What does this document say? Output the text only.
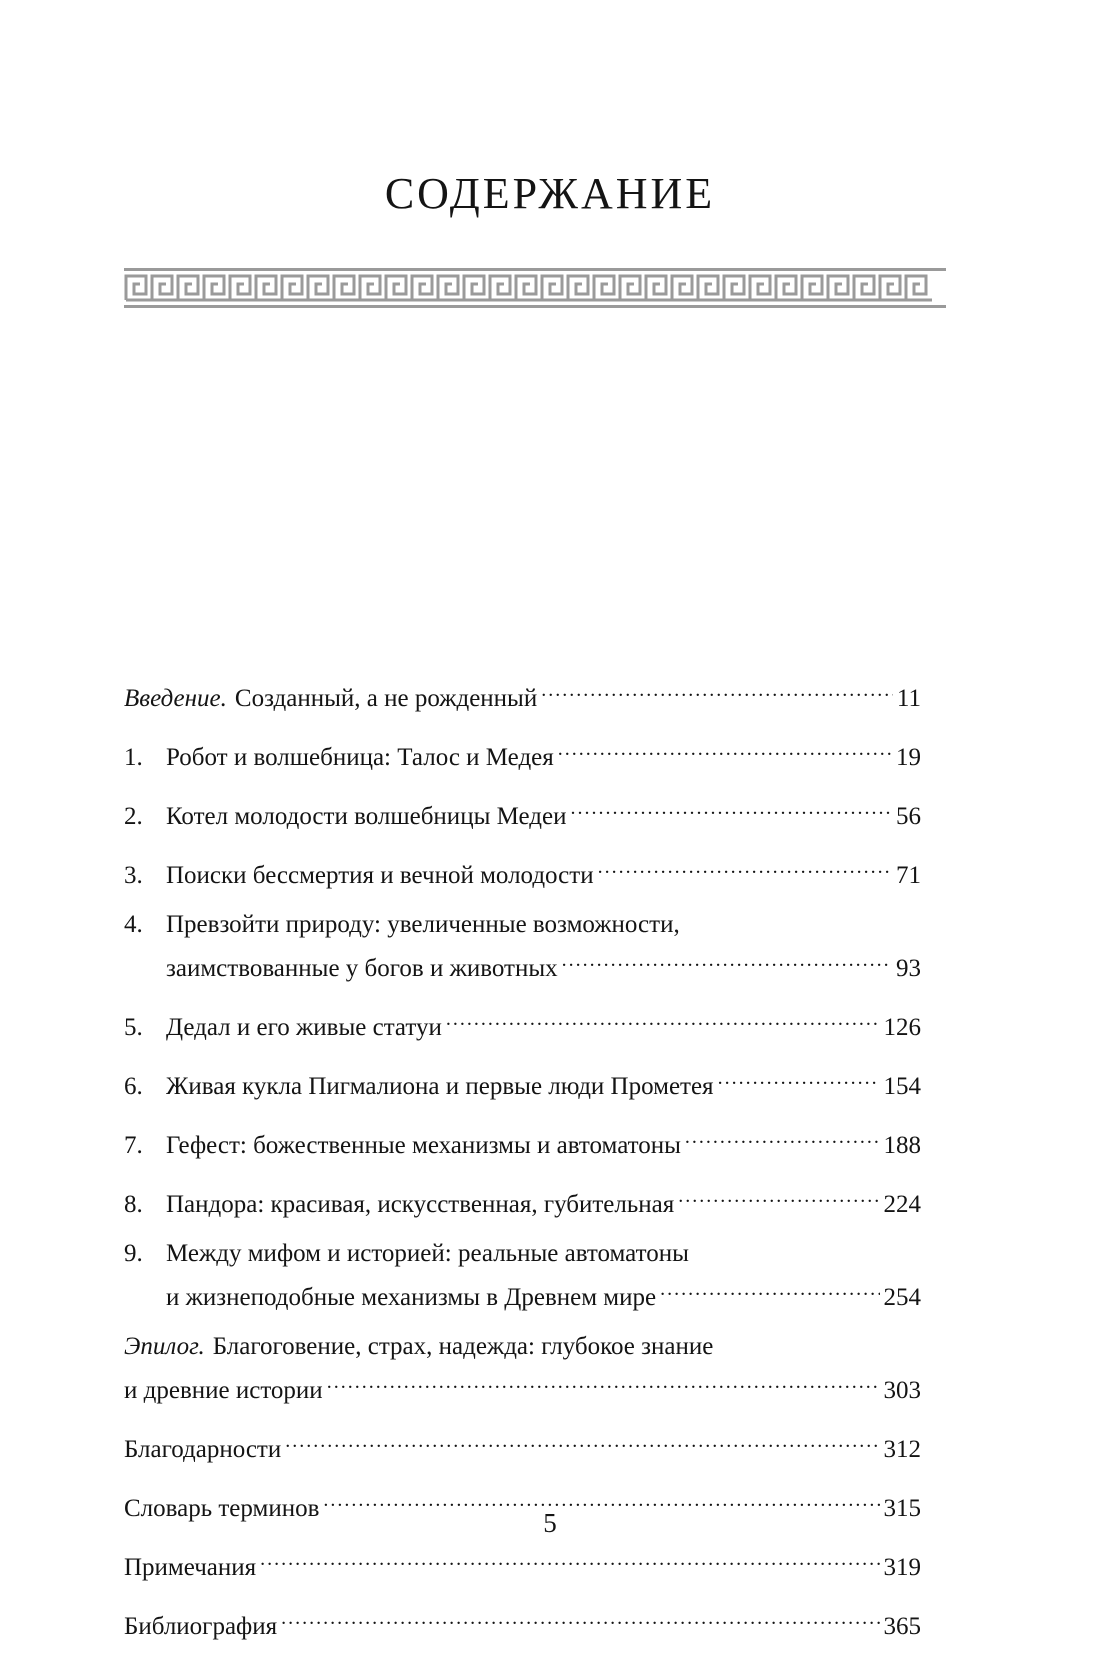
СОДЕРЖАНИЕ
Введение. Созданный, а не рожденный .....	11
1. Робот и волшебница: Талос и Медея .....	19
2. Котел молодости волшебницы Медеи .....	56
3. Поиски бессмертия и вечной молодости .....	71
4. Превзойти природу: увеличенные возможности,
заимствованные у богов и животных .....	93
5. Дедал и его живые статуи .....	126
6. Живая кукла Пигмалиона и первые люди Прометея .....	154
7. Гефест: божественные механизмы и автоматоны .....	188
8. Пандора: красивая, искусственная, губительная .....	224
9. Между мифом и историей: реальные автоматоны
и жизнеподобные механизмы в Древнем мире .....	254
Эпилог. Благоговение, страх, надежда: глубокое знание
и древние истории .....	303
Благодарности .....	312
Словарь терминов .....	315
Примечания .....	319
Библиография .....	365
5
